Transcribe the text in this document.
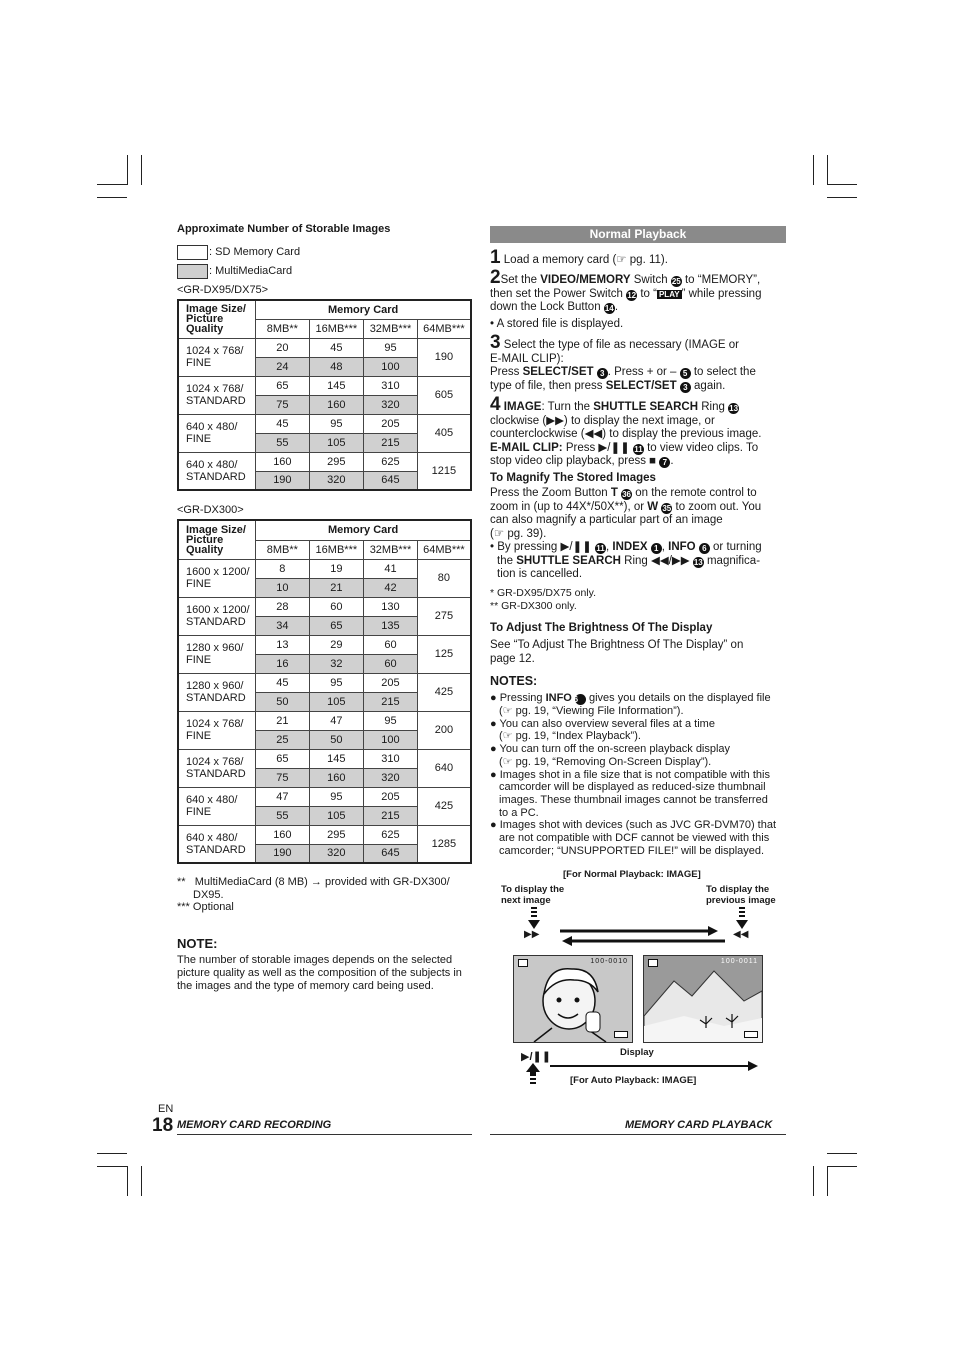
Approximate Number of Storable Images
: SD Memory Card
: MultiMediaCard
<GR-DX95/DX75>
Image Size/
Picture
Quality	Memory Card			
	8MB**	16MB***	32MB***	64MB***

1024 x 768/
FINE	20	45	95	190
	24	48	100	

1024 x 768/
STANDARD	65	145	310	605
	75	160	320	

640 x 480/
FINE	45	95	205	405
	55	105	215	

640 x 480/
STANDARD	160	295	625	1215
	190	320	645	
<GR-DX300>
Image Size/
Picture
Quality	Memory Card			
	8MB**	16MB***	32MB***	64MB***

1600 x 1200/
FINE	8	19	41	80
	10	21	42	

1600 x 1200/
STANDARD	28	60	130	275
	34	65	135	

1280 x 960/
FINE	13	29	60	125
	16	32	60	

1280 x 960/
STANDARD	45	95	205	425
	50	105	215	

1024 x 768/
FINE	21	47	95	200
	25	50	100	

1024 x 768/
STANDARD	65	145	310	640
	75	160	320	

640 x 480/
FINE	47	95	205	425
	55	105	215	

640 x 480/
STANDARD	160	295	625	1285
	190	320	645	
** MultiMediaCard (8 MB) → provided with GR-DX300/
DX95.
*** Optional
NOTE:
The number of storable images depends on the selected
picture quality as well as the composition of the subjects in
the images and the type of memory card being used.
Normal Playback
1 Load a memory card (☞ pg. 11).
2Set the VIDEO/MEMORY Switch 25 to “MEMORY”,
then set the Power Switch 12 to “ PLAY ” while pressing
down the Lock Button 14.
• A stored file is displayed.
3 Select the type of file as necessary (IMAGE or
E-MAIL CLIP):
Press SELECT/SET 3 . Press + or – 5 to select the
type of file, then press SELECT/SET 3 again.
4 IMAGE: Turn the SHUTTLE SEARCH Ring 13
clockwise (▶▶) to display the next image, or
counterclockwise (◀◀) to display the previous image.
E-MAIL CLIP: Press ▶/❚❚ 11 to view video clips. To
stop video clip playback, press ■ 7 .
To Magnify The Stored Images
Press the Zoom Button T 36 on the remote control to
zoom in (up to 44X*/50X**), or W 35 to zoom out. You
can also magnify a particular part of an image
(☞ pg. 39).
• By pressing ▶/❚❚ 11, INDEX 1 , INFO 6 or turning
the SHUTTLE SEARCH Ring ◀◀/▶▶ 13 magnifica-
tion is cancelled.
* GR-DX95/DX75 only.
** GR-DX300 only.
To Adjust The Brightness Of The Display
See “To Adjust The Brightness Of The Display” on
page 12.
NOTES:
● Pressing INFO 6 gives you details on the displayed file
(☞ pg. 19, “Viewing File Information”).
● You can also overview several files at a time
(☞ pg. 19, “Index Playback”).
● You can turn off the on-screen playback display
(☞ pg. 19, “Removing On-Screen Display”).
● Images shot in a file size that is not compatible with this
camcorder will be displayed as reduced-size thumbnail
images. These thumbnail images cannot be transferred
to a PC.
● Images shot with devices (such as JVC GR-DVM70) that
are not compatible with DCF cannot be viewed with this
camcorder; “UNSUPPORTED FILE!” will be displayed.
[For Normal Playback: IMAGE]
To display the
next image
To display the
previous image
▶▶	◀◀
100-0010	100-0011
Display
▶/❚❚
[For Auto Playback: IMAGE]
EN
18 MEMORY CARD RECORDING	MEMORY CARD PLAYBACK
